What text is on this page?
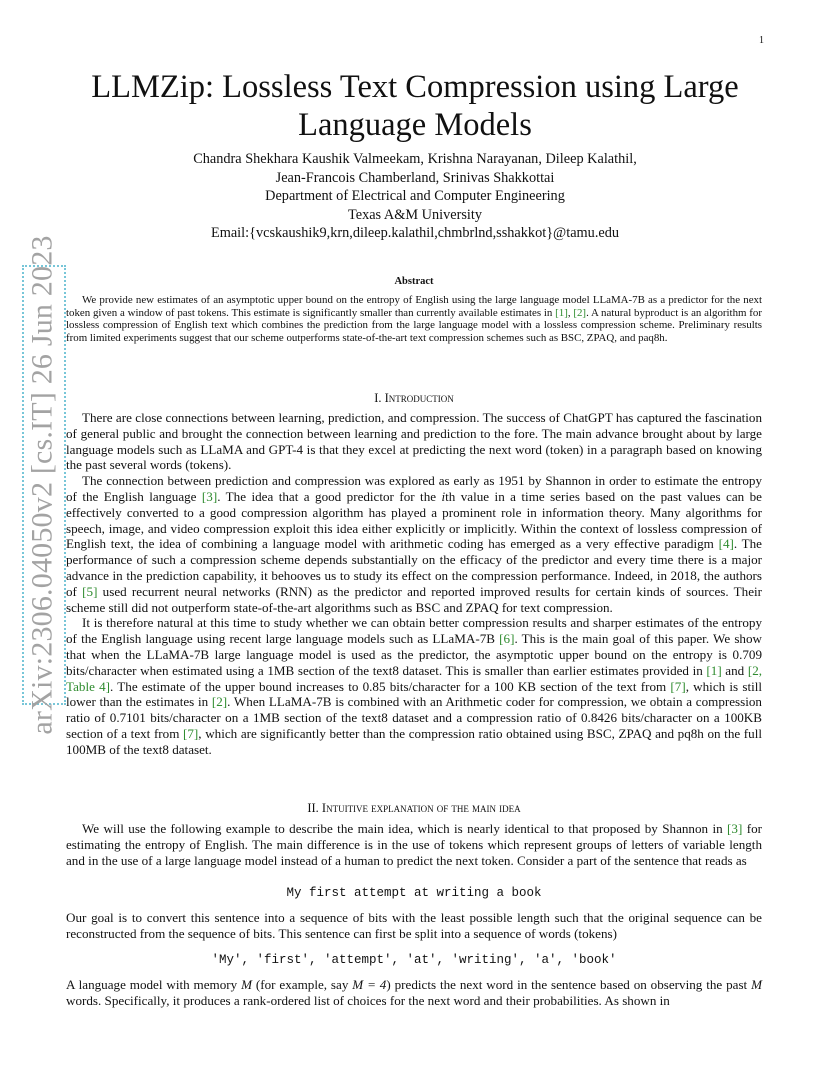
1
arXiv:2306.04050v2 [cs.IT] 26 Jun 2023
LLMZip: Lossless Text Compression using Large Language Models
Chandra Shekhara Kaushik Valmeekam, Krishna Narayanan, Dileep Kalathil,
Jean-Francois Chamberland, Srinivas Shakkottai
Department of Electrical and Computer Engineering
Texas A&M University
Email:{vcskaushik9,krn,dileep.kalathil,chmbrlnd,sshakkot}@tamu.edu
Abstract

We provide new estimates of an asymptotic upper bound on the entropy of English using the large language model LLaMA-7B as a predictor for the next token given a window of past tokens. This estimate is significantly smaller than currently available estimates in [1], [2]. A natural byproduct is an algorithm for lossless compression of English text which combines the prediction from the large language model with a lossless compression scheme. Preliminary results from limited experiments suggest that our scheme outperforms state-of-the-art text compression schemes such as BSC, ZPAQ, and paq8h.

I. Introduction

There are close connections between learning, prediction, and compression. The success of ChatGPT has captured the fascination of general public and brought the connection between learning and prediction to the fore. The main advance brought about by large language models such as LLaMA and GPT-4 is that they excel at predicting the next word (token) in a paragraph based on knowing the past several words (tokens).

The connection between prediction and compression was explored as early as 1951 by Shannon in order to estimate the entropy of the English language [3]. The idea that a good predictor for the ith value in a time series based on the past values can be effectively converted to a good compression algorithm has played a prominent role in information theory. Many algorithms for speech, image, and video compression exploit this idea either explicitly or implicitly. Within the context of lossless compression of English text, the idea of combining a language model with arithmetic coding has emerged as a very effective paradigm [4]. The performance of such a compression scheme depends substantially on the efficacy of the predictor and every time there is a major advance in the prediction capability, it behooves us to study its effect on the compression performance. Indeed, in 2018, the authors of [5] used recurrent neural networks (RNN) as the predictor and reported improved results for certain kinds of sources. Their scheme still did not outperform state-of-the-art algorithms such as BSC and ZPAQ for text compression.

It is therefore natural at this time to study whether we can obtain better compression results and sharper estimates of the entropy of the English language using recent large language models such as LLaMA-7B [6]. This is the main goal of this paper. We show that when the LLaMA-7B large language model is used as the predictor, the asymptotic upper bound on the entropy is 0.709 bits/character when estimated using a 1MB section of the text8 dataset. This is smaller than earlier estimates provided in [1] and [2, Table 4]. The estimate of the upper bound increases to 0.85 bits/character for a 100 KB section of the text from [7], which is still lower than the estimates in [2]. When LLaMA-7B is combined with an Arithmetic coder for compression, we obtain a compression ratio of 0.7101 bits/character on a 1MB section of the text8 dataset and a compression ratio of 0.8426 bits/character on a 100KB section of a text from [7], which are significantly better than the compression ratio obtained using BSC, ZPAQ and pq8h on the full 100MB of the text8 dataset.

II. Intuitive explanation of the main idea

We will use the following example to describe the main idea, which is nearly identical to that proposed by Shannon in [3] for estimating the entropy of English. The main difference is in the use of tokens which represent groups of letters of variable length and in the use of a large language model instead of a human to predict the next token. Consider a part of the sentence that reads as

My first attempt at writing a book

Our goal is to convert this sentence into a sequence of bits with the least possible length such that the original sequence can be reconstructed from the sequence of bits. This sentence can first be split into a sequence of words (tokens)

'My', 'first', 'attempt', 'at', 'writing', 'a', 'book'

A language model with memory M (for example, say M = 4) predicts the next word in the sentence based on observing the past M words. Specifically, it produces a rank-ordered list of choices for the next word and their probabilities. As shown in
